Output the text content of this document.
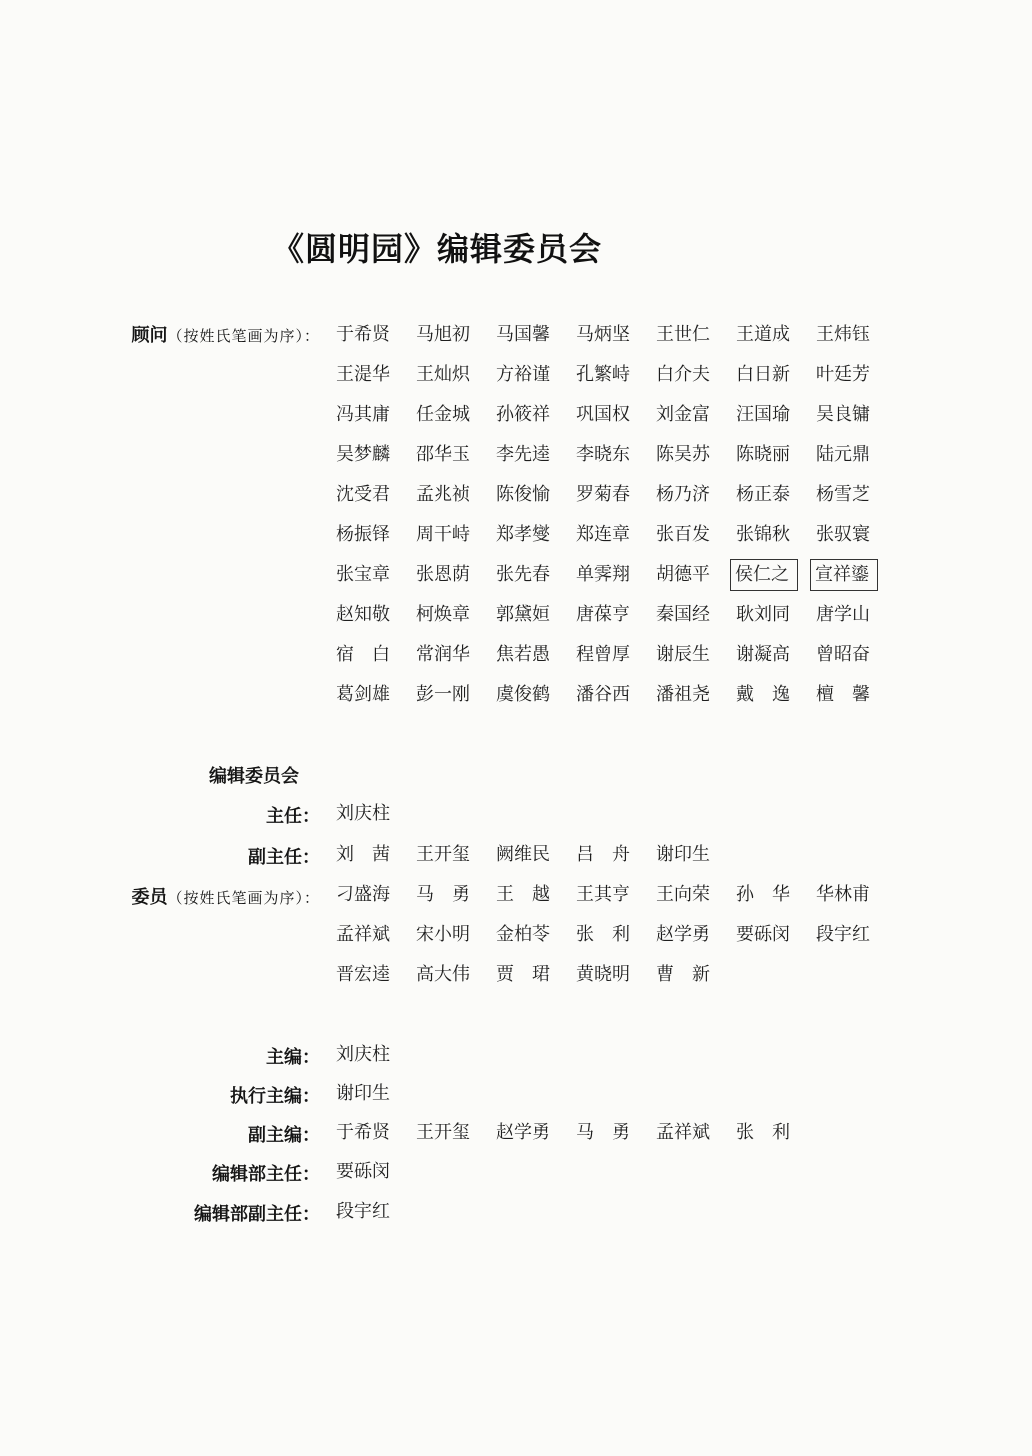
《圆明园》编辑委员会
顾问（按姓氏笔画为序）： 于希贤	马旭初	马国馨	马炳坚	王世仁	王道成	王炜钰
王湜华	王灿炽	方裕谨	孔繁峙	白介夫	白日新	叶廷芳
冯其庸	任金城	孙筱祥	巩国权	刘金富	汪国瑜	吴良镛
吴梦麟	邵华玉	李先逵	李晓东	陈吴苏	陈晓丽	陆元鼎
沈受君	孟兆祯	陈俊愉	罗菊春	杨乃济	杨正泰	杨雪芝
杨振铎	周干峙	郑孝燮	郑连章	张百发	张锦秋	张驭寰
张宝章	张恩荫	张先春	单霁翔	胡德平	侯仁之	宣祥鎏
赵知敬	柯焕章	郭黛姮	唐葆亨	秦国经	耿刘同	唐学山
宿　白	常润华	焦若愚	程曾厚	谢辰生	谢凝高	曾昭奋
葛剑雄	彭一刚	虞俊鹤	潘谷西	潘祖尧	戴　逸	檀　馨
编辑委员会
主任： 刘庆柱
副主任： 刘　茜	王开玺	阙维民	吕　舟	谢印生
委员（按姓氏笔画为序）： 刁盛海	马　勇	王　越	王其亨	王向荣	孙　华	华林甫
孟祥斌	宋小明	金柏苓	张　利	赵学勇	要砾闵	段宇红
晋宏逵	高大伟	贾　珺	黄晓明	曹　新
主编： 刘庆柱
执行主编： 谢印生
副主编： 于希贤	王开玺	赵学勇	马　勇	孟祥斌	张　利
编辑部主任： 要砾闵
编辑部副主任： 段宇红
